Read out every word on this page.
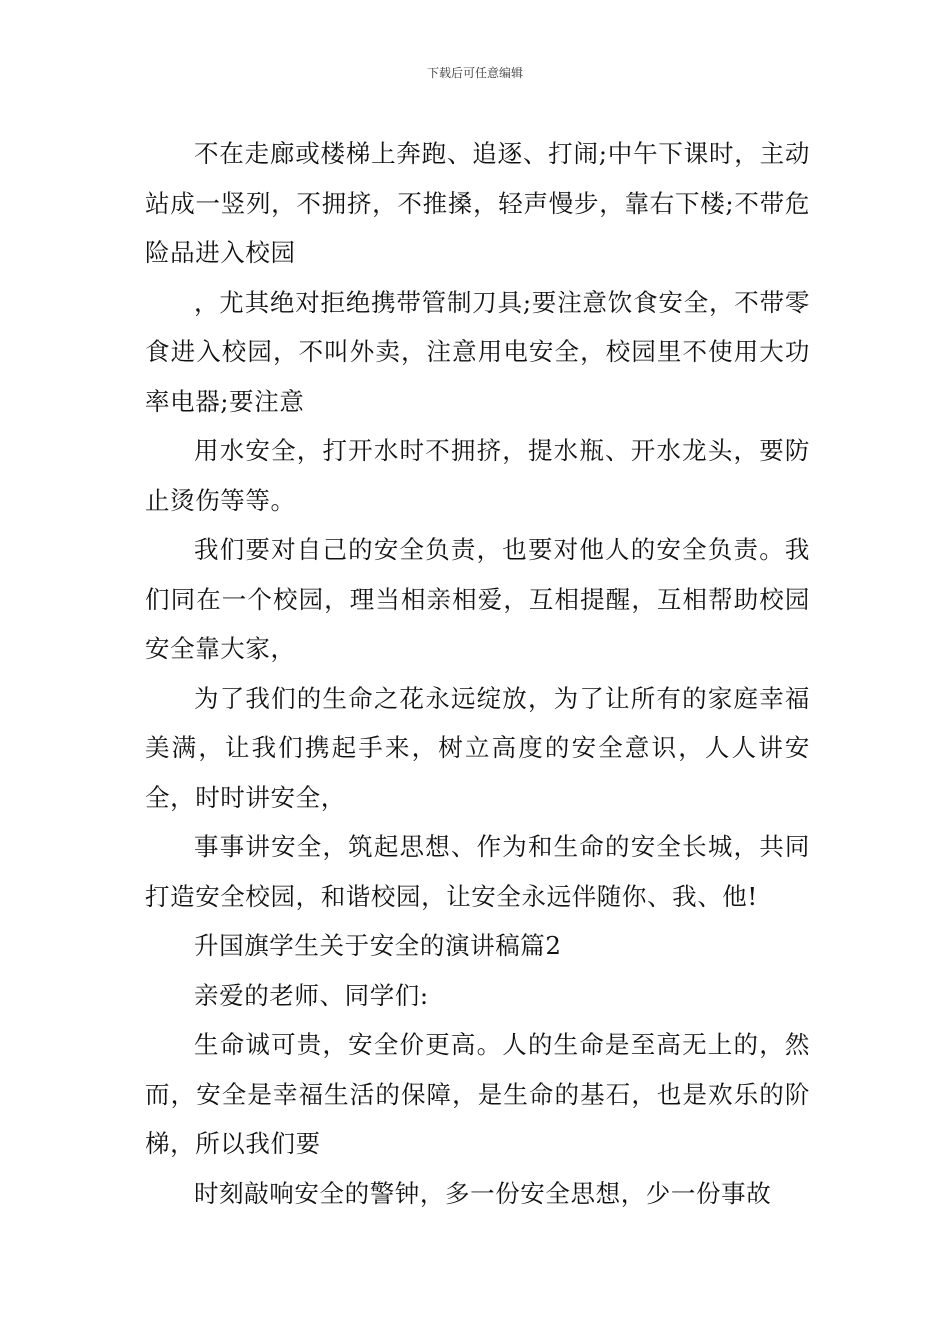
下载后可任意编辑

不在走廊或楼梯上奔跑、追逐、打闹;中午下课时，主动站成一竖列，不拥挤，不推搡，轻声慢步，靠右下楼;不带危险品进入校园

，尤其绝对拒绝携带管制刀具;要注意饮食安全，不带零食进入校园，不叫外卖，注意用电安全，校园里不使用大功率电器;要注意

用水安全，打开水时不拥挤，提水瓶、开水龙头，要防止烫伤等等。

我们要对自己的安全负责，也要对他人的安全负责。我们同在一个校园，理当相亲相爱，互相提醒，互相帮助校园安全靠大家，

为了我们的生命之花永远绽放，为了让所有的家庭幸福美满，让我们携起手来，树立高度的安全意识，人人讲安全，时时讲安全，

事事讲安全，筑起思想、作为和生命的安全长城，共同打造安全校园，和谐校园，让安全永远伴随你、我、他!

升国旗学生关于安全的演讲稿篇2

亲爱的老师、同学们:

生命诚可贵，安全价更高。人的生命是至高无上的，然而，安全是幸福生活的保障，是生命的基石，也是欢乐的阶梯，所以我们要

时刻敲响安全的警钟，多一份安全思想，少一份事故
